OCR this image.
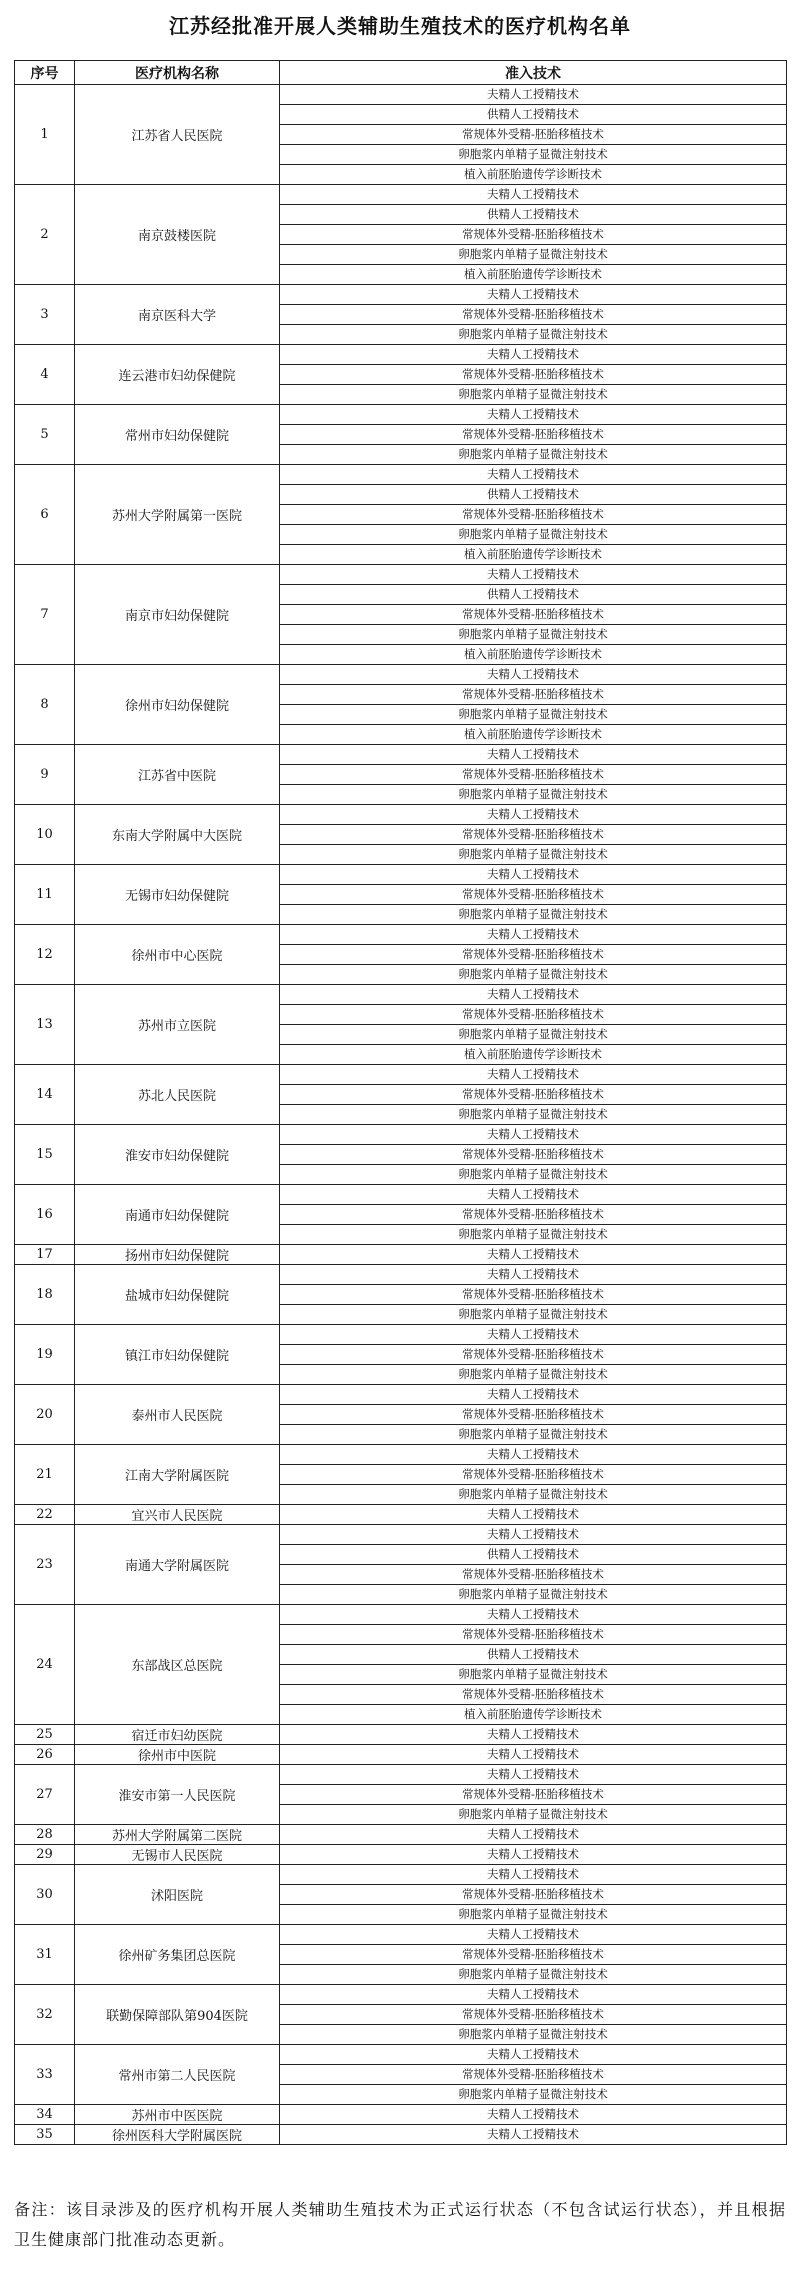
江苏经批准开展人类辅助生殖技术的医疗机构名单
序号	医疗机构名称	准入技术
1	江苏省人民医院	夫精人工授精技术
		供精人工授精技术
		常规体外受精-胚胎移植技术
		卵胞浆内单精子显微注射技术
		植入前胚胎遗传学诊断技术
2	南京鼓楼医院	夫精人工授精技术
		供精人工授精技术
		常规体外受精-胚胎移植技术
		卵胞浆内单精子显微注射技术
		植入前胚胎遗传学诊断技术
3	南京医科大学	夫精人工授精技术
		常规体外受精-胚胎移植技术
		卵胞浆内单精子显微注射技术
4	连云港市妇幼保健院	夫精人工授精技术
		常规体外受精-胚胎移植技术
		卵胞浆内单精子显微注射技术
5	常州市妇幼保健院	夫精人工授精技术
		常规体外受精-胚胎移植技术
		卵胞浆内单精子显微注射技术
6	苏州大学附属第一医院	夫精人工授精技术
		供精人工授精技术
		常规体外受精-胚胎移植技术
		卵胞浆内单精子显微注射技术
		植入前胚胎遗传学诊断技术
7	南京市妇幼保健院	夫精人工授精技术
		供精人工授精技术
		常规体外受精-胚胎移植技术
		卵胞浆内单精子显微注射技术
		植入前胚胎遗传学诊断技术
8	徐州市妇幼保健院	夫精人工授精技术
		常规体外受精-胚胎移植技术
		卵胞浆内单精子显微注射技术
		植入前胚胎遗传学诊断技术
9	江苏省中医院	夫精人工授精技术
		常规体外受精-胚胎移植技术
		卵胞浆内单精子显微注射技术
10	东南大学附属中大医院	夫精人工授精技术
		常规体外受精-胚胎移植技术
		卵胞浆内单精子显微注射技术
11	无锡市妇幼保健院	夫精人工授精技术
		常规体外受精-胚胎移植技术
		卵胞浆内单精子显微注射技术
12	徐州市中心医院	夫精人工授精技术
		常规体外受精-胚胎移植技术
		卵胞浆内单精子显微注射技术
13	苏州市立医院	夫精人工授精技术
		常规体外受精-胚胎移植技术
		卵胞浆内单精子显微注射技术
		植入前胚胎遗传学诊断技术
14	苏北人民医院	夫精人工授精技术
		常规体外受精-胚胎移植技术
		卵胞浆内单精子显微注射技术
15	淮安市妇幼保健院	夫精人工授精技术
		常规体外受精-胚胎移植技术
		卵胞浆内单精子显微注射技术
16	南通市妇幼保健院	夫精人工授精技术
		常规体外受精-胚胎移植技术
		卵胞浆内单精子显微注射技术
17	扬州市妇幼保健院	夫精人工授精技术
18	盐城市妇幼保健院	夫精人工授精技术
		常规体外受精-胚胎移植技术
		卵胞浆内单精子显微注射技术
19	镇江市妇幼保健院	夫精人工授精技术
		常规体外受精-胚胎移植技术
		卵胞浆内单精子显微注射技术
20	泰州市人民医院	夫精人工授精技术
		常规体外受精-胚胎移植技术
		卵胞浆内单精子显微注射技术
21	江南大学附属医院	夫精人工授精技术
		常规体外受精-胚胎移植技术
		卵胞浆内单精子显微注射技术
22	宜兴市人民医院	夫精人工授精技术
23	南通大学附属医院	夫精人工授精技术
		供精人工授精技术
		常规体外受精-胚胎移植技术
		卵胞浆内单精子显微注射技术
24	东部战区总医院	夫精人工授精技术
		常规体外受精-胚胎移植技术
		供精人工授精技术
		卵胞浆内单精子显微注射技术
		常规体外受精-胚胎移植技术
		植入前胚胎遗传学诊断技术
25	宿迁市妇幼医院	夫精人工授精技术
26	徐州市中医院	夫精人工授精技术
27	淮安市第一人民医院	夫精人工授精技术
		常规体外受精-胚胎移植技术
		卵胞浆内单精子显微注射技术
28	苏州大学附属第二医院	夫精人工授精技术
29	无锡市人民医院	夫精人工授精技术
30	沭阳医院	夫精人工授精技术
		常规体外受精-胚胎移植技术
		卵胞浆内单精子显微注射技术
31	徐州矿务集团总医院	夫精人工授精技术
		常规体外受精-胚胎移植技术
		卵胞浆内单精子显微注射技术
32	联勤保障部队第904医院	夫精人工授精技术
		常规体外受精-胚胎移植技术
		卵胞浆内单精子显微注射技术
33	常州市第二人民医院	夫精人工授精技术
		常规体外受精-胚胎移植技术
		卵胞浆内单精子显微注射技术
34	苏州市中医医院	夫精人工授精技术
35	徐州医科大学附属医院	夫精人工授精技术
备注：该目录涉及的医疗机构开展人类辅助生殖技术为正式运行状态（不包含试运行状态），并且根据卫生健康部门批准动态更新。
